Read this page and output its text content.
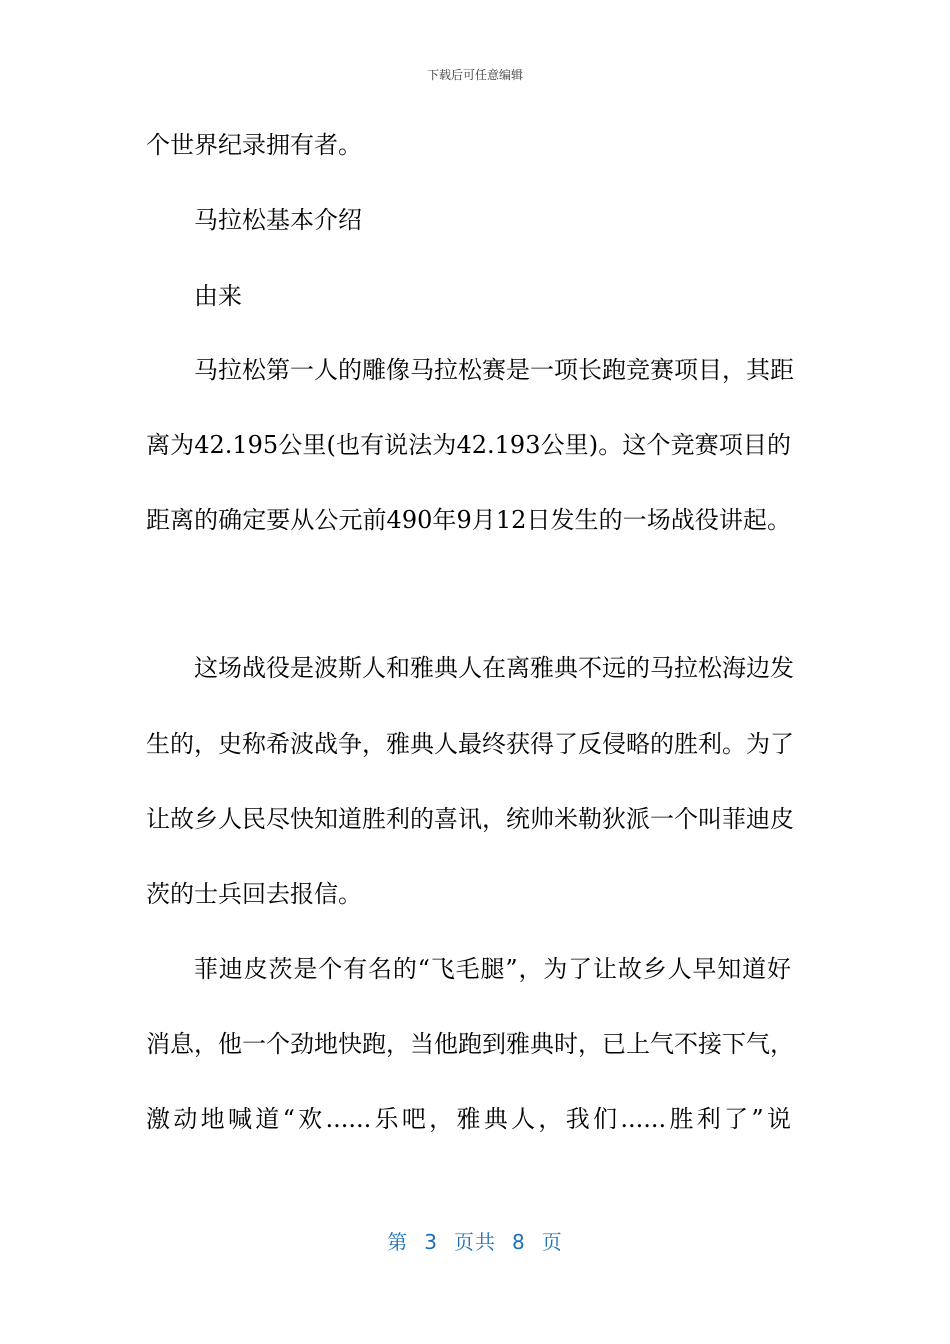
下载后可任意编辑
个世界纪录拥有者。
马拉松基本介绍
由来
马拉松第一人的雕像马拉松赛是一项长跑竞赛项目，其距
离为42.195公里(也有说法为42.193公里)。这个竞赛项目的
距离的确定要从公元前490年9月12日发生的一场战役讲起。
这场战役是波斯人和雅典人在离雅典不远的马拉松海边发
生的，史称希波战争，雅典人最终获得了反侵略的胜利。为了
让故乡人民尽快知道胜利的喜讯，统帅米勒狄派一个叫菲迪皮
茨的士兵回去报信。
菲迪皮茨是个有名的“飞毛腿”，为了让故乡人早知道好
消息，他一个劲地快跑，当他跑到雅典时，已上气不接下气，
激动地喊道“欢......乐吧，雅典人，我们......胜利了”说
第 3 页共 8 页
